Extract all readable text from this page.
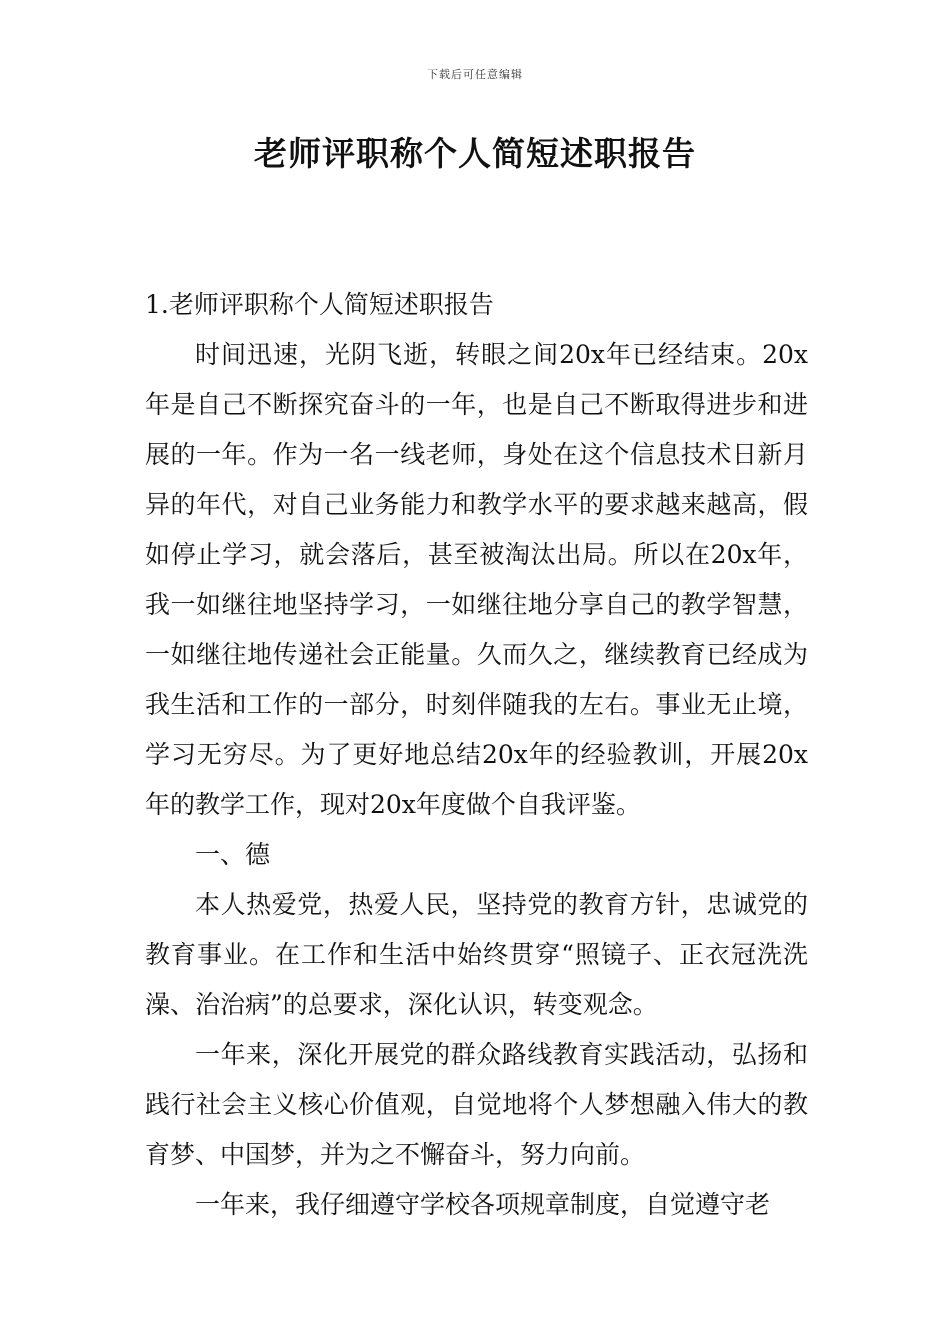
下载后可任意编辑
老师评职称个人简短述职报告

1.老师评职称个人简短述职报告

时间迅速，光阴飞逝，转眼之间20x年已经结束。20x年是自己不断探究奋斗的一年，也是自己不断取得进步和进展的一年。作为一名一线老师，身处在这个信息技术日新月异的年代，对自己业务能力和教学水平的要求越来越高，假如停止学习，就会落后，甚至被淘汰出局。所以在20x年，我一如继往地坚持学习，一如继往地分享自己的教学智慧，一如继往地传递社会正能量。久而久之，继续教育已经成为我生活和工作的一部分，时刻伴随我的左右。事业无止境，学习无穷尽。为了更好地总结20x年的经验教训，开展20x年的教学工作，现对20x年度做个自我评鉴。

一、德

本人热爱党，热爱人民，坚持党的教育方针，忠诚党的教育事业。在工作和生活中始终贯穿“照镜子、正衣冠洗洗澡、治治病”的总要求，深化认识，转变观念。

一年来，深化开展党的群众路线教育实践活动，弘扬和践行社会主义核心价值观，自觉地将个人梦想融入伟大的教育梦、中国梦，并为之不懈奋斗，努力向前。

一年来，我仔细遵守学校各项规章制度，自觉遵守老
